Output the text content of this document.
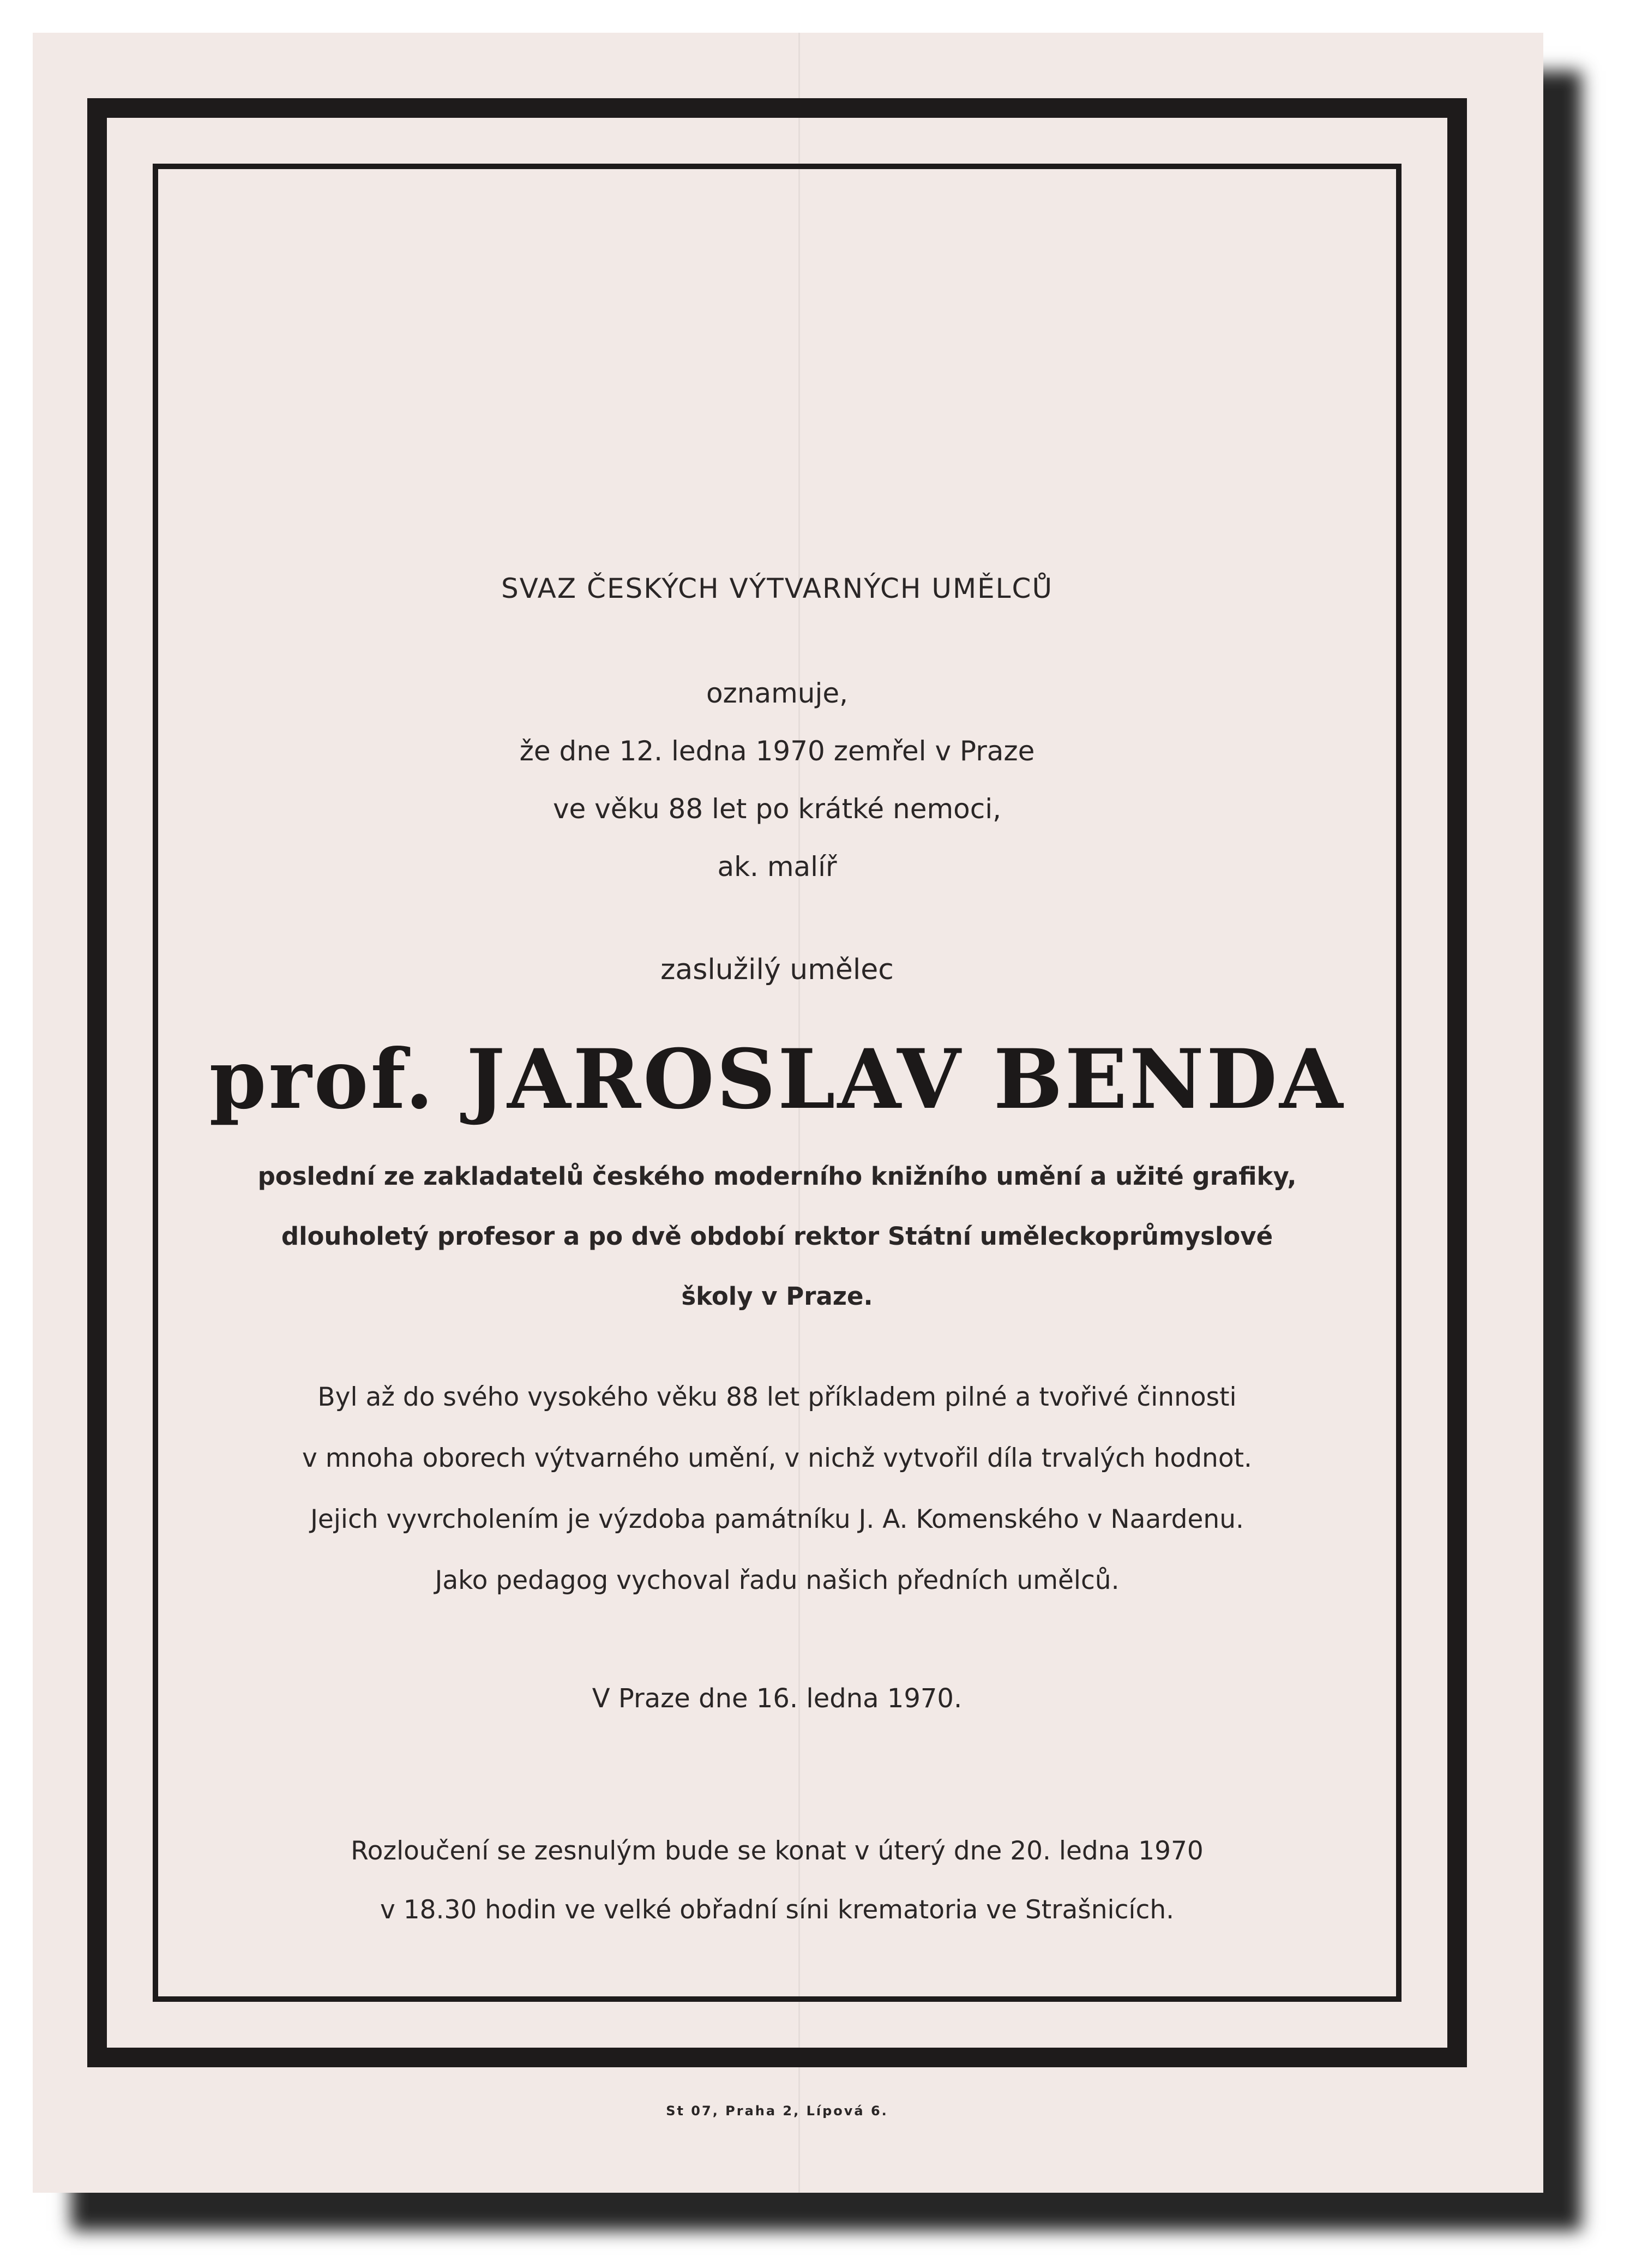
SVAZ ČESKÝCH VÝTVARNÝCH UMĚLCŮ
oznamuje,
že dne 12. ledna 1970 zemřel v Praze
ve věku 88 let po krátké nemoci,
ak. malíř
zaslužilý umělec
prof. JAROSLAV BENDA
poslední ze zakladatelů českého moderního knižního umění a užité grafiky,
dlouholetý profesor a po dvě období rektor Státní uměleckoprůmyslové
školy v Praze.
Byl až do svého vysokého věku 88 let příkladem pilné a tvořivé činnosti
v mnoha oborech výtvarného umění, v nichž vytvořil díla trvalých hodnot.
Jejich vyvrcholením je výzdoba památníku J. A. Komenského v Naardenu.
Jako pedagog vychoval řadu našich předních umělců.
V Praze dne 16. ledna 1970.
Rozloučení se zesnulým bude se konat v úterý dne 20. ledna 1970
v 18.30 hodin ve velké obřadní síni krematoria ve Strašnicích.
St 07, Praha 2, Lípová 6.
